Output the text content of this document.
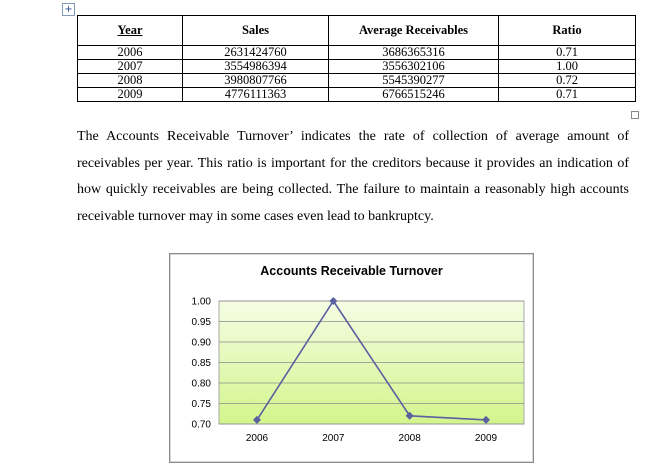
+
Year	Sales	Average Receivables	Ratio
2006	2631424760	3686365316	0.71
2007	3554986394	3556302106	1.00
2008	3980807766	5545390277	0.72
2009	4776111363	6766515246	0.71
The Accounts Receivable Turnover’ indicates the rate of collection of average amount of receivables per year. This ratio is important for the creditors because it provides an indication of how quickly receivables are being collected. The failure to maintain a reasonably high accounts receivable turnover may in some cases even lead to bankruptcy.
Accounts Receivable Turnover
1.00
0.95
0.90
0.85
0.80
0.75
0.70
2006	2007	2008	2009
